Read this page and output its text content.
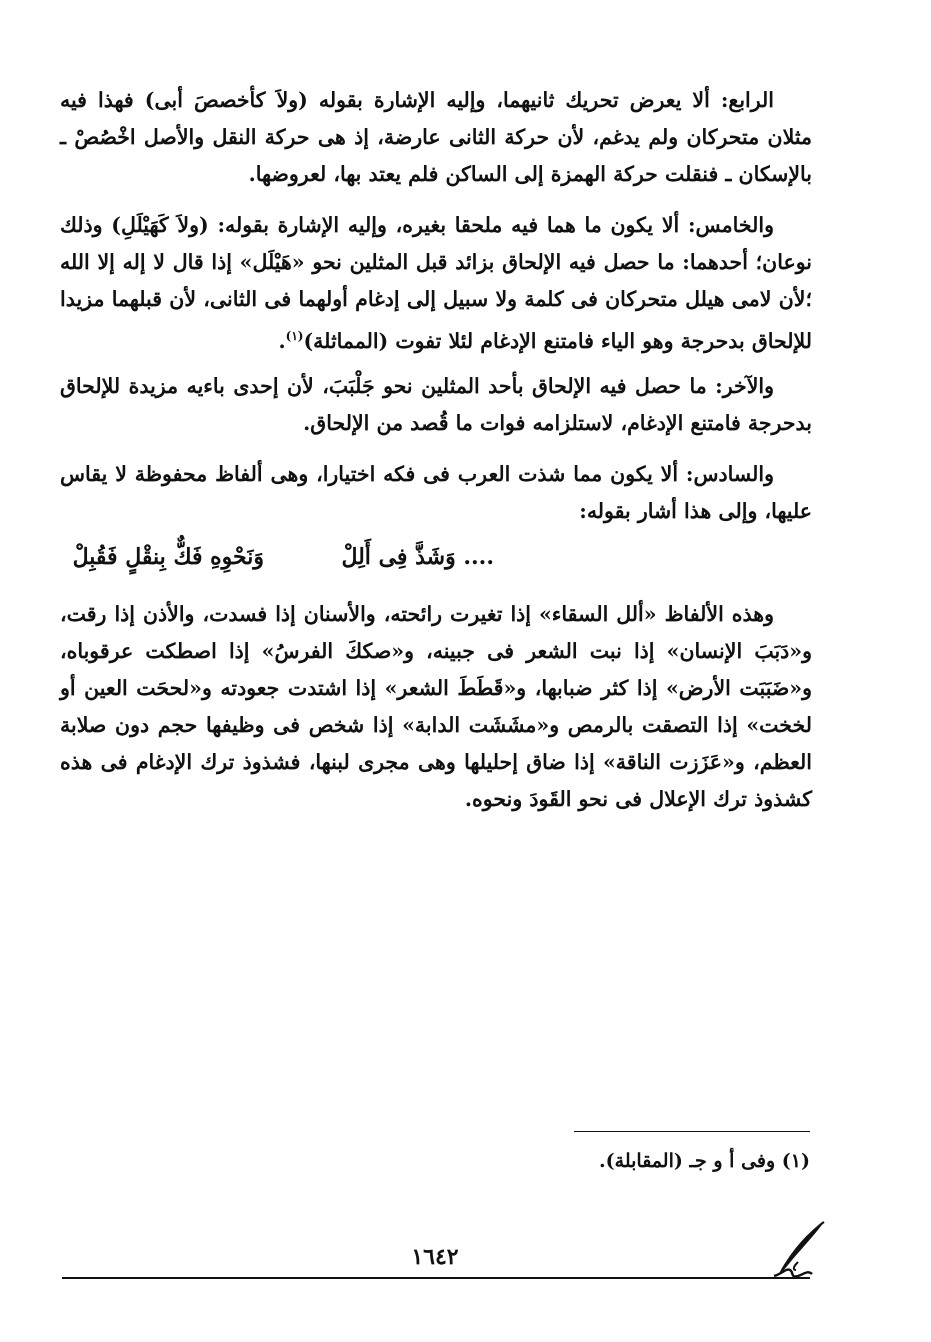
الرابع: ألا يعرض تحريك ثانيهما، وإليه الإشارة بقوله (ولاَ كأخصصَ أبى) فهذا فيه مثلان متحركان ولم يدغم، لأن حركة الثانى عارضة، إذ هى حركة النقل والأصل اخْصُصْ ـ بالإسكان ـ فنقلت حركة الهمزة إلى الساكن فلم يعتد بها، لعروضها.

والخامس: ألا يكون ما هما فيه ملحقا بغيره، وإليه الإشارة بقوله: (ولاَ كَهَيْلَلِ) وذلك نوعان؛ أحدهما: ما حصل فيه الإلحاق بزائد قبل المثلين نحو «هَيْلَل» إذا قال لا إله إلا الله ؛لأن لامى هيلل متحركان فى كلمة ولا سبيل إلى إدغام أولهما فى الثانى، لأن قبلهما مزيدا للإلحاق بدحرجة وهو الياء فامتنع الإدغام لئلا تفوت (المماثلة)$^{(١)}$.

والآخر: ما حصل فيه الإلحاق بأحد المثلين نحو جَلْبَبَ، لأن إحدى باءيه مزيدة للإلحاق بدحرجة فامتنع الإدغام، لاستلزامه فوات ما قُصد من الإلحاق.

والسادس: ألا يكون مما شذت العرب فى فكه اختيارا، وهى ألفاظ محفوظة لا يقاس عليها، وإلى هذا أشار بقوله:

.... وَشَذَّ فِى أَلِلْ
وَنَحْوِهِ فَكٌّ بِنقْلٍ فَقُبِلْ

وهذه الألفاظ «ألل السقاء» إذا تغيرت رائحته، والأسنان إذا فسدت، والأذن إذا رقت، و«دَبَبَ الإنسان» إذا نبت الشعر فى جبينه، و«صككَ الفرسُ» إذا اصطكت عرقوباه، و«ضَبَبَت الأرض» إذا كثر ضبابها، و«قَطَطَ الشعر» إذا اشتدت جعودته و«لححَت العين أو لخخت» إذا التصقت بالرمص و«مشَشَت الدابة» إذا شخص فى وظيفها حجم دون صلابة العظم، و«عَزَزت الناقة» إذا ضاق إحليلها وهى مجرى لبنها، فشذوذ ترك الإدغام فى هذه كشذوذ ترك الإعلال فى نحو القَودَ ونحوه.

(١) وفى أ و جـ (المقابلة).
١٦٤٢
